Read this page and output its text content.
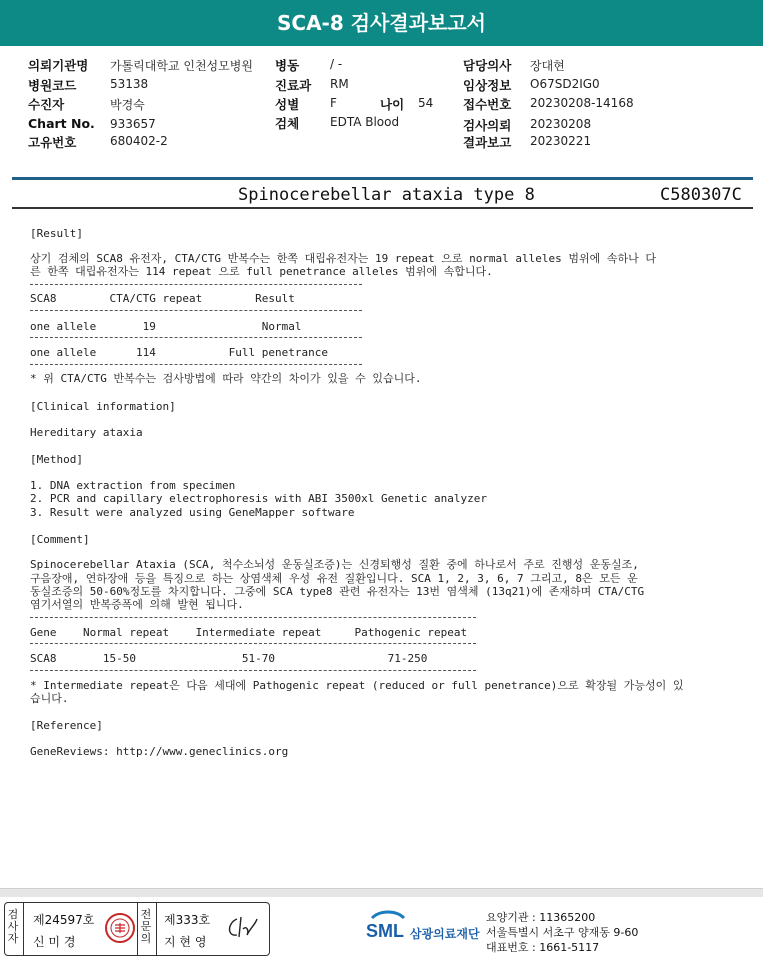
SCA-8 검사결과보고서
의뢰기관명 가톨릭대학교 인천성모병원
병원코드	53138
수진자	박경숙
Chart No. 933657
고유번호	680402-2
병동	/ -
진료과 RM
성별	F	나이 54
검체	EDTA Blood
담당의사 장대현
임상정보 O67SD2IG0
접수번호 20230208-14168
검사의뢰 20230208
결과보고 20230221
Spinocerebellar ataxia type 8	C580307C
[Result]
상기 검체의 SCA8 유전자, CTA/CTG 반복수는 한쪽 대립유전자는 19 repeat 으로 normal alleles 범위에 속하나 다
른 한쪽 대립유전자는 114 repeat 으로 full penetrance alleles 범위에 속합니다.
SCA8        CTA/CTG repeat        Result
one allele       19                Normal
one allele      114           Full penetrance
* 위 CTA/CTG 반복수는 검사방법에 따라 약간의 차이가 있을 수 있습니다.
[Clinical information]
Hereditary ataxia
[Method]
1. DNA extraction from specimen
2. PCR and capillary electrophoresis with ABI 3500xl Genetic analyzer
3. Result were analyzed using GeneMapper software
[Comment]
Spinocerebellar Ataxia (SCA, 척수소뇌성 운동실조증)는 신경퇴행성 질환 중에 하나로서 주로 진행성 운동실조,
구음장애, 연하장애 등을 특징으로 하는 상염색체 우성 유전 질환입니다. SCA 1, 2, 3, 6, 7 그리고, 8은 모든 운
동실조증의 50-60%정도를 차지합니다. 그중에 SCA type8 관련 유전자는 13번 염색체 (13q21)에 존재하며 CTA/CTG
염기서열의 반복증폭에 의해 발현 됩니다.
Gene    Normal repeat    Intermediate repeat     Pathogenic repeat
SCA8       15-50                51-70                 71-250
* Intermediate repeat은 다음 세대에 Pathogenic repeat (reduced or full penetrance)으로 확장될 가능성이 있
습니다.
[Reference]
GeneReviews: http://www.geneclinics.org
검
사
자
제24597호
신 미 경
전
문
의
제333호
지 현 영
SML 삼광의료재단
요양기관 : 11365200
서울특별시 서초구 양재동 9-60
대표번호 : 1661-5117
